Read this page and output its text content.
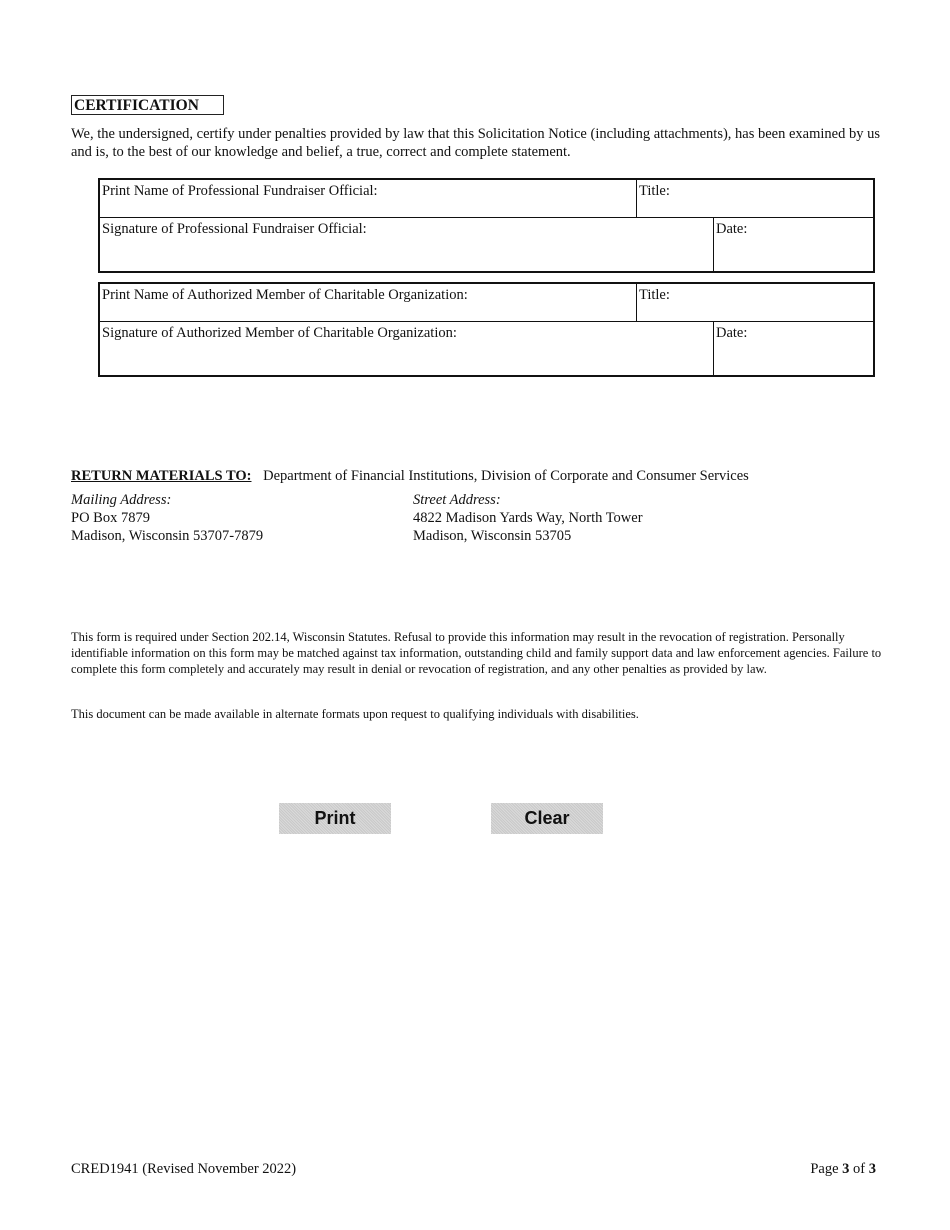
CERTIFICATION

We, the undersigned, certify under penalties provided by law that this Solicitation Notice (including attachments), has been examined by us and is, to the best of our knowledge and belief, a true, correct and complete statement.

Print Name of Professional Fundraiser Official:	Title:
Signature of Professional Fundraiser Official:	Date:
Print Name of Authorized Member of Charitable Organization:	Title:
Signature of Authorized Member of Charitable Organization:	Date:
RETURN MATERIALS TO: Department of Financial Institutions, Division of Corporate and Consumer Services
Mailing Address:
PO Box 7879
Madison, Wisconsin 53707-7879
Street Address:
4822 Madison Yards Way, North Tower
Madison, Wisconsin 53705

This form is required under Section 202.14, Wisconsin Statutes. Refusal to provide this information may result in the revocation of registration. Personally identifiable information on this form may be matched against tax information, outstanding child and family support data and law enforcement agencies. Failure to complete this form completely and accurately may result in denial or revocation of registration, and any other penalties as provided by law.

This document can be made available in alternate formats upon request to qualifying individuals with disabilities.

Print	Clear
CRED1941 (Revised November 2022)	Page 3 of 3
